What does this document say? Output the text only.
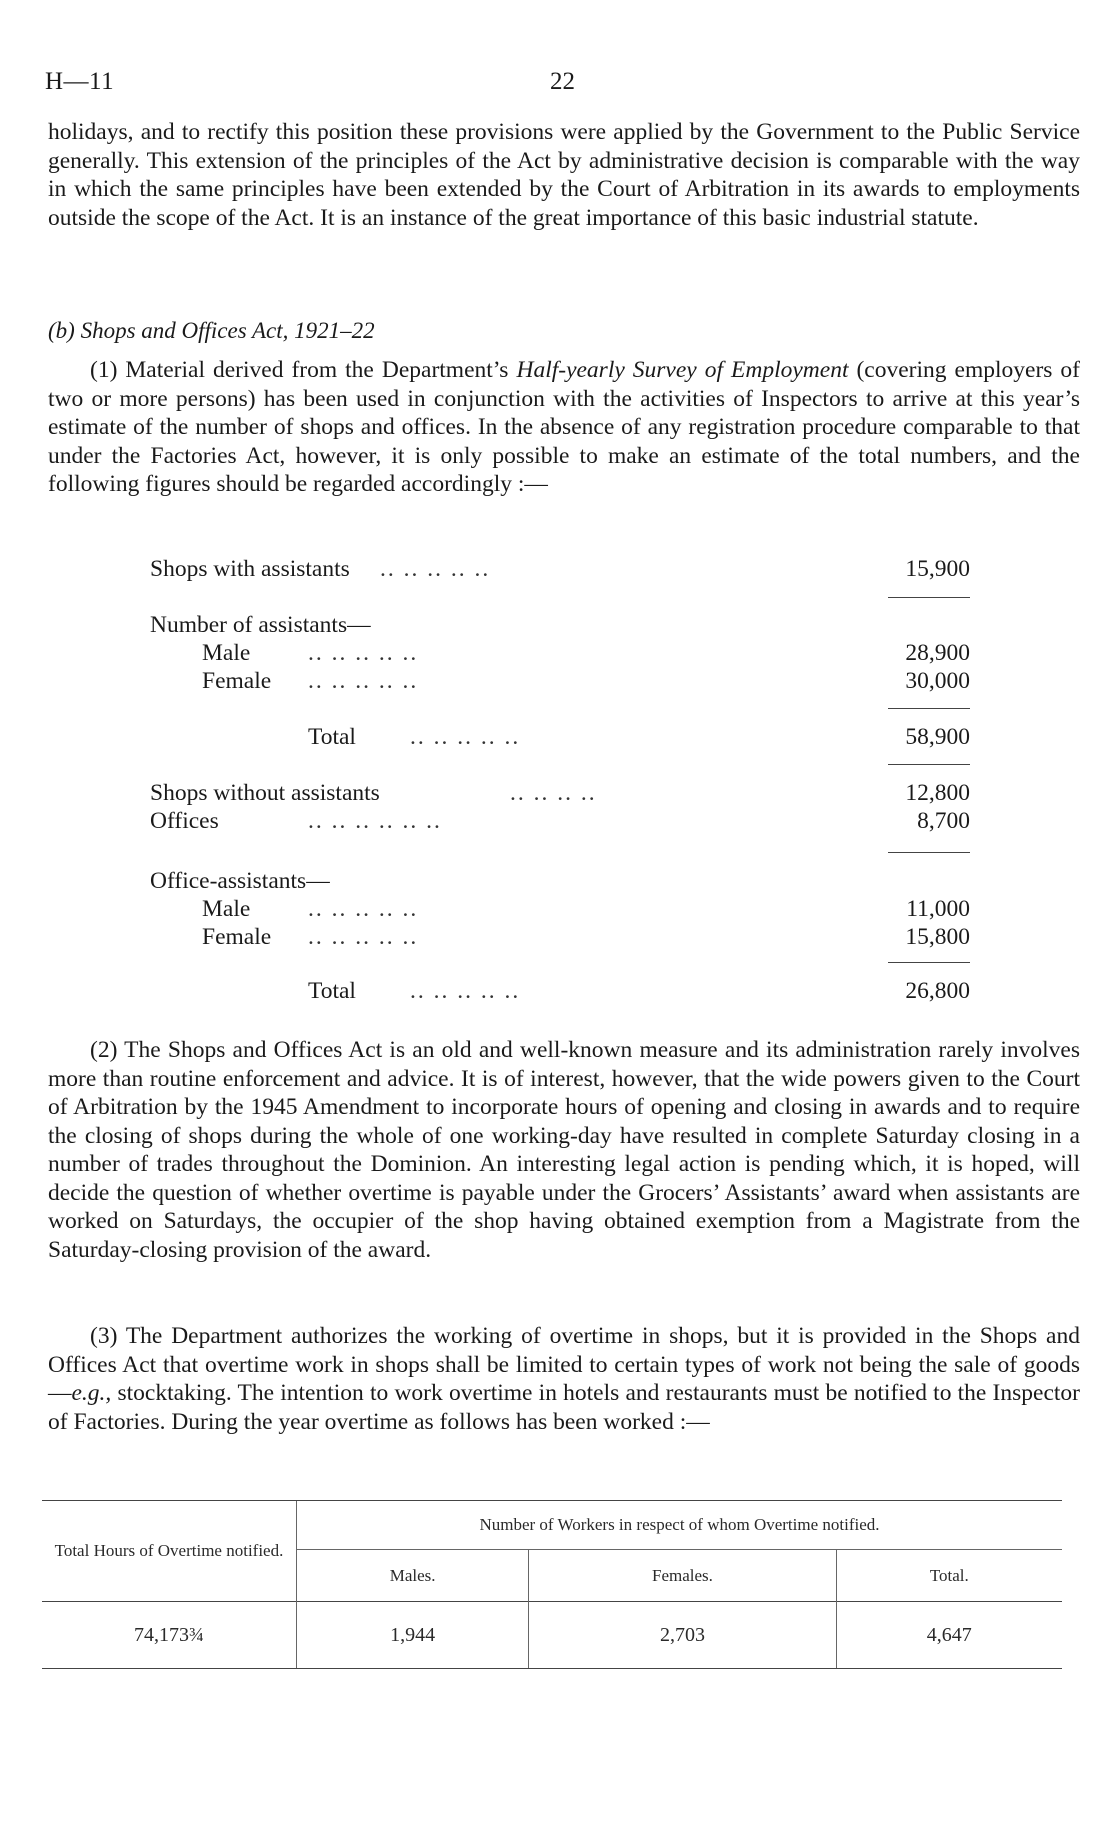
H—11	22

holidays, and to rectify this position these provisions were applied by the Government to the Public Service generally. This extension of the principles of the Act by administrative decision is comparable with the way in which the same principles have been extended by the Court of Arbitration in its awards to employments outside the scope of the Act. It is an instance of the great importance of this basic industrial statute.

(b) Shops and Offices Act, 1921–22

(1) Material derived from the Department’s Half-yearly Survey of Employment (covering employers of two or more persons) has been used in conjunction with the activities of Inspectors to arrive at this year’s estimate of the number of shops and offices. In the absence of any registration procedure comparable to that under the Factories Act, however, it is only possible to make an estimate of the total numbers, and the following figures should be regarded accordingly :—

Shops with assistants .. .. .. .. ..	15,900
Number of assistants—
Male .. .. .. .. ..	28,900
Female .. .. .. .. ..	30,000
Total .. .. .. .. ..	58,900
Shops without assistants	.. .. .. ..	12,800
Offices	.. .. .. .. .. ..	8,700
Office-assistants—
Male .. .. .. .. ..	11,000
Female .. .. .. .. ..	15,800
Total .. .. .. .. ..	26,800

(2) The Shops and Offices Act is an old and well-known measure and its administration rarely involves more than routine enforcement and advice. It is of interest, however, that the wide powers given to the Court of Arbitration by the 1945 Amendment to incorporate hours of opening and closing in awards and to require the closing of shops during the whole of one working-day have resulted in complete Saturday closing in a number of trades throughout the Dominion. An interesting legal action is pending which, it is hoped, will decide the question of whether overtime is payable under the Grocers’ Assistants’ award when assistants are worked on Saturdays, the occupier of the shop having obtained exemption from a Magistrate from the Saturday-closing provision of the award.

(3) The Department authorizes the working of overtime in shops, but it is provided in the Shops and Offices Act that overtime work in shops shall be limited to certain types of work not being the sale of goods—e.g., stocktaking. The intention to work overtime in hotels and restaurants must be notified to the Inspector of Factories. During the year overtime as follows has been worked :—

Total Hours of Overtime notified.	Number of Workers in respect of whom Overtime notified.		
	Males.	Females.	Total.
74,173¾	1,944	2,703	4,647
